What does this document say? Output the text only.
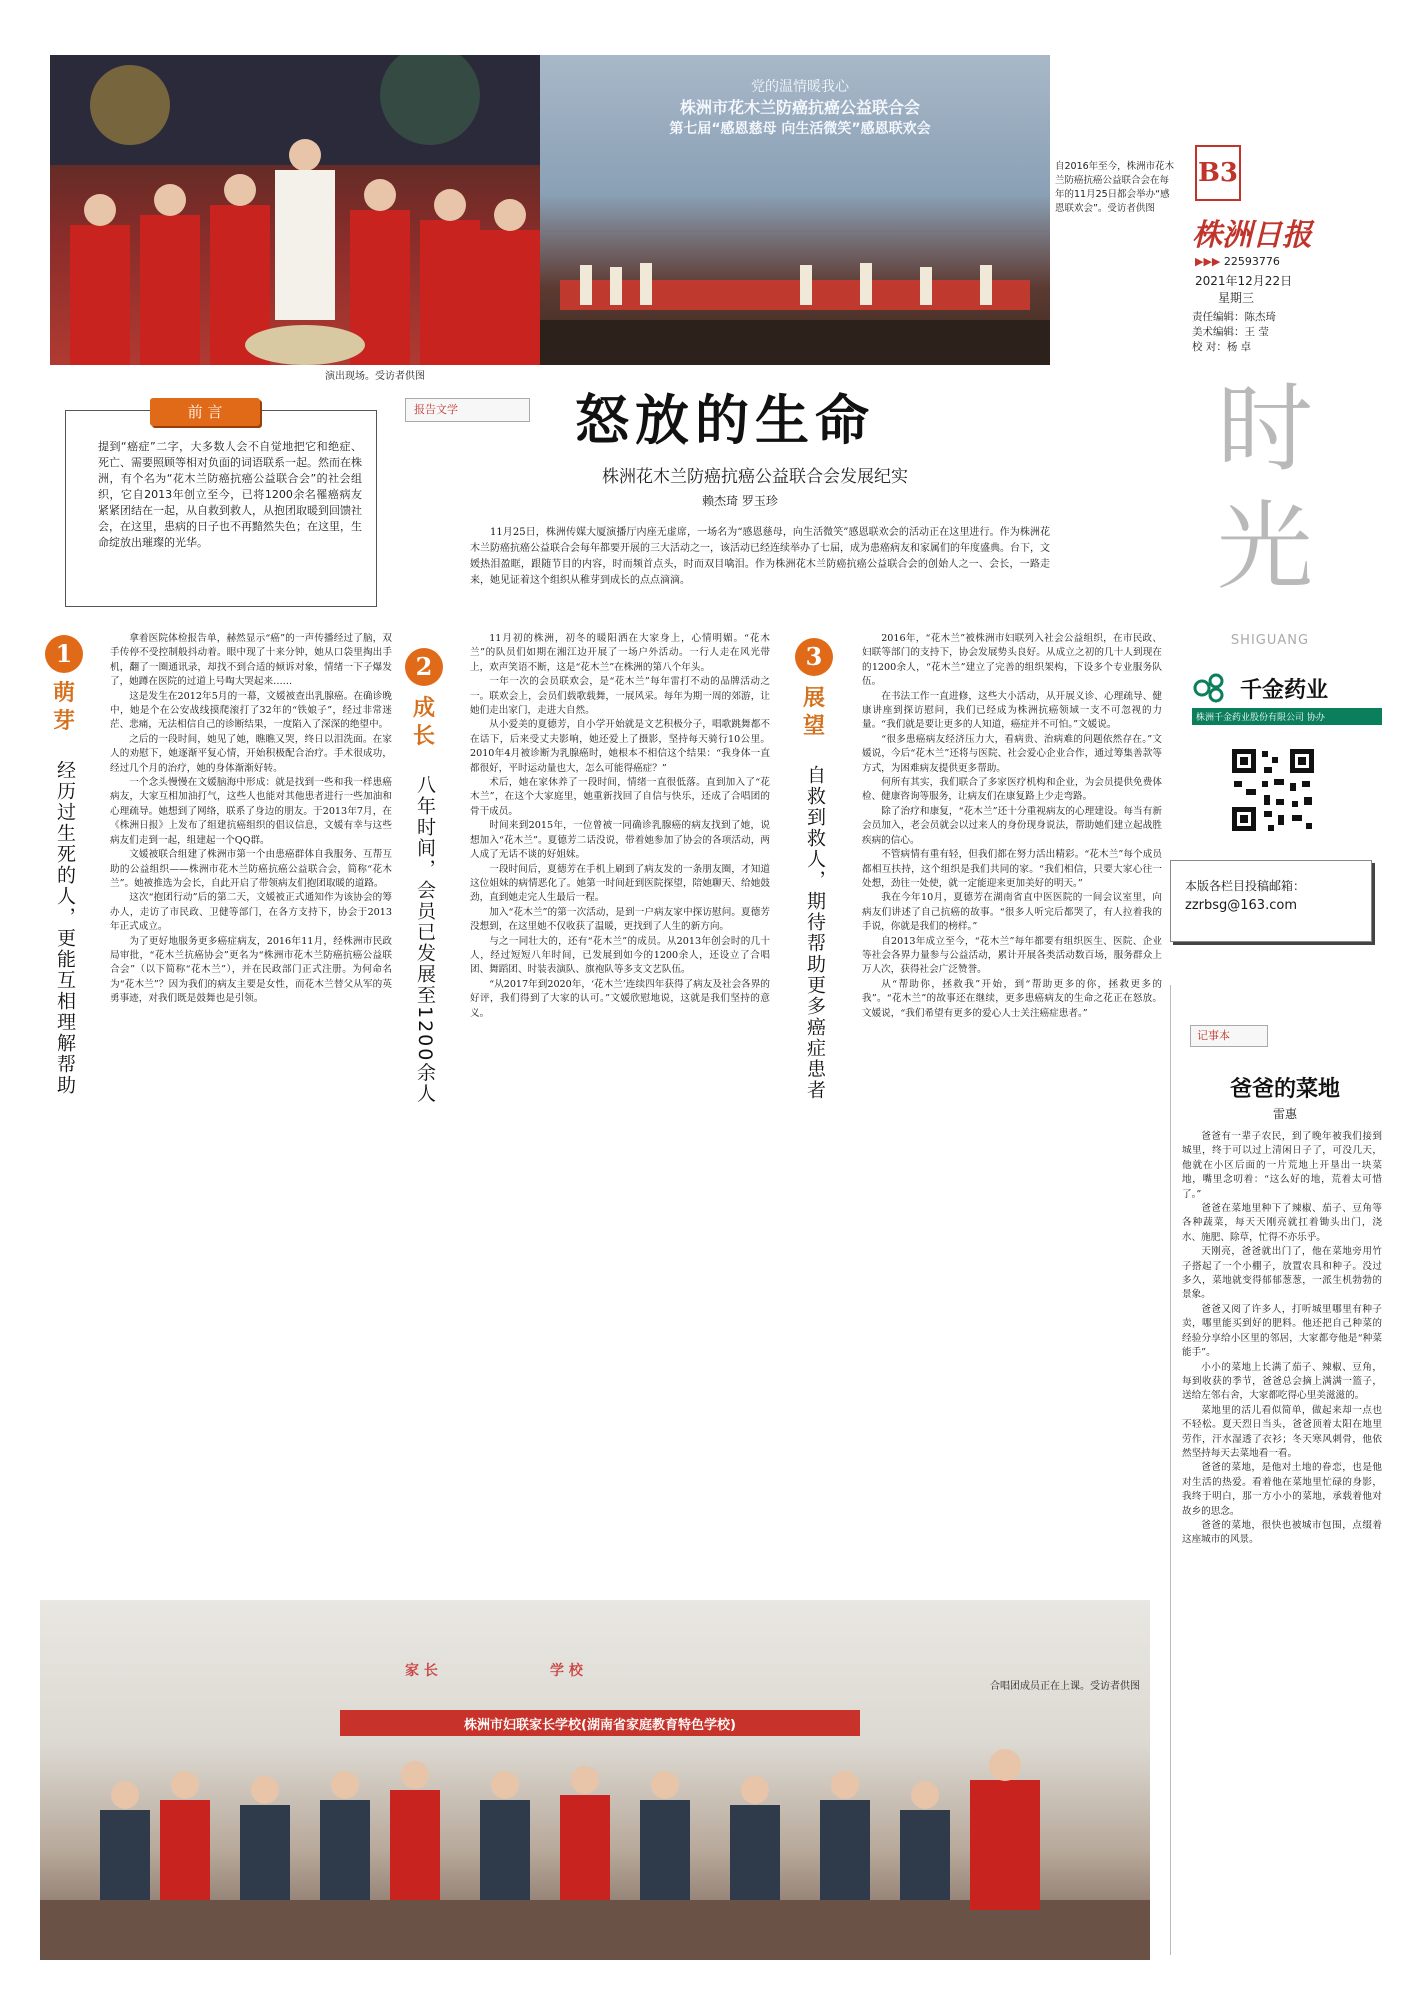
党的温情暖我心
株洲市花木兰防癌抗癌公益联合会
第七届“感恩慈母 向生活微笑”感恩联欢会
演出现场。受访者供图
自2016年至今，株洲市花木兰防癌抗癌公益联合会在每年的11月25日都会举办“感恩联欢会”。受访者供图
B3
株洲日报
▶▶▶ 22593776
2021年12月22日
星期三
责任编辑：陈杰琦
美术编辑：王 莹
校 对：杨 卓
时光
SHIGUANG
千金药业
株洲千金药业股份有限公司 协办
本版各栏目投稿邮箱：
zzrbsg@163.com
提到“癌症”二字，大多数人会不自觉地把它和绝症、死亡、需要照顾等相对负面的词语联系一起。然而在株洲，有个名为“花木兰防癌抗癌公益联合会”的社会组织，它自2013年创立至今，已将1200余名罹癌病友紧紧团结在一起，从自救到救人，从抱团取暖到回馈社会，在这里，患病的日子也不再黯然失色；在这里，生命绽放出璀璨的光华。
前 言	报告文学	怒放的生命
株洲花木兰防癌抗癌公益联合会发展纪实
赖杰琦 罗玉珍
11月25日，株洲传媒大厦演播厅内座无虚席，一场名为“感恩慈母，向生活微笑”感恩联欢会的活动正在这里进行。作为株洲花木兰防癌抗癌公益联合会每年都要开展的三大活动之一，该活动已经连续举办了七届，成为患癌病友和家属们的年度盛典。台下，文媛热泪盈眶，跟随节目的内容，时而频首点头，时而双目噙泪。作为株洲花木兰防癌抗癌公益联合会的创始人之一、会长，一路走来，她见证着这个组织从稚芽到成长的点点滴滴。
1
萌芽
经历过生死的人，更能互相理解帮助

拿着医院体检报告单，赫然显示“癌”的一声传播经过了脑，双手传停不受控制般抖动着。眼中现了十来分钟，她从口袋里掏出手机，翻了一圈通讯录，却找不到合适的倾诉对象，情绪一下子爆发了，她蹲在医院的过道上号啕大哭起来……

这是发生在2012年5月的一幕，文媛被查出乳腺癌。在确诊晚中，她是个在公安战线摸爬滚打了32年的“铁娘子”，经过非常迷茫、悲痛，无法相信自己的诊断结果，一度陷入了深深的绝望中。

之后的一段时间，她见了她，瞧瞧又哭，终日以泪洗面。在家人的劝慰下，她逐渐平复心情，开始积极配合治疗。手术很成功，经过几个月的治疗，她的身体渐渐好转。

一个念头慢慢在文媛脑海中形成：就是找到一些和我一样患癌病友，大家互相加油打气，这些人也能对其他患者进行一些加油和心理疏导。她想到了网络，联系了身边的朋友。于2013年7月，在《株洲日报》上发布了组建抗癌组织的倡议信息，文媛有幸与这些病友们走到一起，组建起一个QQ群。

文媛被联合组建了株洲市第一个由患癌群体自我服务、互帮互助的公益组织——株洲市花木兰防癌抗癌公益联合会，简称“花木兰”。她被推选为会长，自此开启了带领病友们抱团取暖的道路。

这次“抱团行动”后的第二天，文媛被正式通知作为该协会的筹办人，走访了市民政、卫健等部门，在各方支持下，协会于2013年正式成立。

为了更好地服务更多癌症病友，2016年11月，经株洲市民政局审批，“花木兰抗癌协会”更名为“株洲市花木兰防癌抗癌公益联合会”（以下简称“花木兰”），并在民政部门正式注册。为何命名为“花木兰”？因为我们的病友主要是女性，而花木兰替父从军的英勇事迹，对我们既是鼓舞也是引领。

2
成长
八年时间，会员已发展至1200余人

11月初的株洲，初冬的暖阳洒在大家身上，心情明媚。“花木兰”的队员们如期在湘江边开展了一场户外活动。一行人走在风光带上，欢声笑语不断，这是“花木兰”在株洲的第八个年头。

一年一次的会员联欢会，是“花木兰”每年雷打不动的品牌活动之一。联欢会上，会员们载歌载舞，一展风采。每年为期一周的郊游，让她们走出家门，走进大自然。

从小爱美的夏德芳，自小学开始就是文艺积极分子，唱歌跳舞都不在话下，后来受丈夫影响，她还爱上了摄影，坚持每天骑行10公里。2010年4月被诊断为乳腺癌时，她根本不相信这个结果：“我身体一直都很好，平时运动量也大，怎么可能得癌症？”

术后，她在家休养了一段时间，情绪一直很低落。直到加入了“花木兰”，在这个大家庭里，她重新找回了自信与快乐，还成了合唱团的骨干成员。

时间来到2015年，一位曾被一同确诊乳腺癌的病友找到了她，说想加入“花木兰”。夏德芳二话没说，带着她参加了协会的各项活动，两人成了无话不谈的好姐妹。

一段时间后，夏德芳在手机上刷到了病友发的一条朋友圈，才知道这位姐妹的病情恶化了。她第一时间赶到医院探望，陪她聊天、给她鼓劲，直到她走完人生最后一程。

加入“花木兰”的第一次活动，是到一户病友家中探访慰问。夏德芳没想到，在这里她不仅收获了温暖，更找到了人生的新方向。

与之一同壮大的，还有“花木兰”的成员。从2013年创会时的几十人，经过短短八年时间，已发展到如今的1200余人，还设立了合唱团、舞蹈团、时装表演队、旗袍队等多支文艺队伍。

“从2017年到2020年，‘花木兰’连续四年获得了病友及社会各界的好评，我们得到了大家的认可。”文媛欣慰地说，这就是我们坚持的意义。

3
展望
自救到救人，期待帮助更多癌症患者

2016年，“花木兰”被株洲市妇联列入社会公益组织，在市民政、妇联等部门的支持下，协会发展势头良好。从成立之初的几十人到现在的1200余人，“花木兰”建立了完善的组织架构，下设多个专业服务队伍。

在书法工作一直进修，这些大小活动，从开展义诊、心理疏导、健康讲座到探访慰问，我们已经成为株洲抗癌领域一支不可忽视的力量。“我们就是要让更多的人知道，癌症并不可怕。”文媛说。

“很多患癌病友经济压力大，看病贵、治病难的问题依然存在。”文媛说，今后“花木兰”还将与医院、社会爱心企业合作，通过筹集善款等方式，为困难病友提供更多帮助。

何所有其实，我们联合了多家医疗机构和企业，为会员提供免费体检、健康咨询等服务，让病友们在康复路上少走弯路。

除了治疗和康复，“花木兰”还十分重视病友的心理建设。每当有新会员加入，老会员就会以过来人的身份现身说法，帮助她们建立起战胜疾病的信心。

不管病情有重有轻，但我们都在努力活出精彩。“花木兰”每个成员都相互扶持，这个组织是我们共同的家。“我们相信，只要大家心往一处想，劲往一处使，就一定能迎来更加美好的明天。”

我在今年10月，夏德芳在湖南省直中医医院的一间会议室里，向病友们讲述了自己抗癌的故事。“很多人听完后都哭了，有人拉着我的手说，你就是我们的榜样。”

自2013年成立至今，“花木兰”每年都要有组织医生、医院、企业等社会各界力量参与公益活动，累计开展各类活动数百场，服务群众上万人次，获得社会广泛赞誉。

从“帮助你，拯救我”开始，到“帮助更多的你，拯救更多的我”。“花木兰”的故事还在继续，更多患癌病友的生命之花正在怒放。文媛说，“我们希望有更多的爱心人士关注癌症患者。”

记事本
爸爸的菜地
雷惠

爸爸有一辈子农民，到了晚年被我们接到城里，终于可以过上清闲日子了，可没几天，他就在小区后面的一片荒地上开垦出一块菜地，嘴里念叨着：“这么好的地，荒着太可惜了。”

爸爸在菜地里种下了辣椒、茄子、豆角等各种蔬菜，每天天刚亮就扛着锄头出门，浇水、施肥、除草，忙得不亦乐乎。

天刚亮，爸爸就出门了，他在菜地旁用竹子搭起了一个小棚子，放置农具和种子。没过多久，菜地就变得郁郁葱葱，一派生机勃勃的景象。

爸爸又阅了许多人，打听城里哪里有种子卖，哪里能买到好的肥料。他还把自己种菜的经验分享给小区里的邻居，大家都夸他是“种菜能手”。

小小的菜地上长满了茄子、辣椒、豆角，每到收获的季节，爸爸总会摘上满满一篮子，送给左邻右舍，大家都吃得心里美滋滋的。

菜地里的活儿看似简单，做起来却一点也不轻松。夏天烈日当头，爸爸顶着太阳在地里劳作，汗水湿透了衣衫；冬天寒风刺骨，他依然坚持每天去菜地看一看。

爸爸的菜地，是他对土地的眷恋，也是他对生活的热爱。看着他在菜地里忙碌的身影，我终于明白，那一方小小的菜地，承载着他对故乡的思念。

爸爸的菜地，很快也被城市包围，点缀着这座城市的风景。

株洲市妇联家长学校(湖南省家庭教育特色学校)
家 长	学 校
合唱团成员正在上课。受访者供图
